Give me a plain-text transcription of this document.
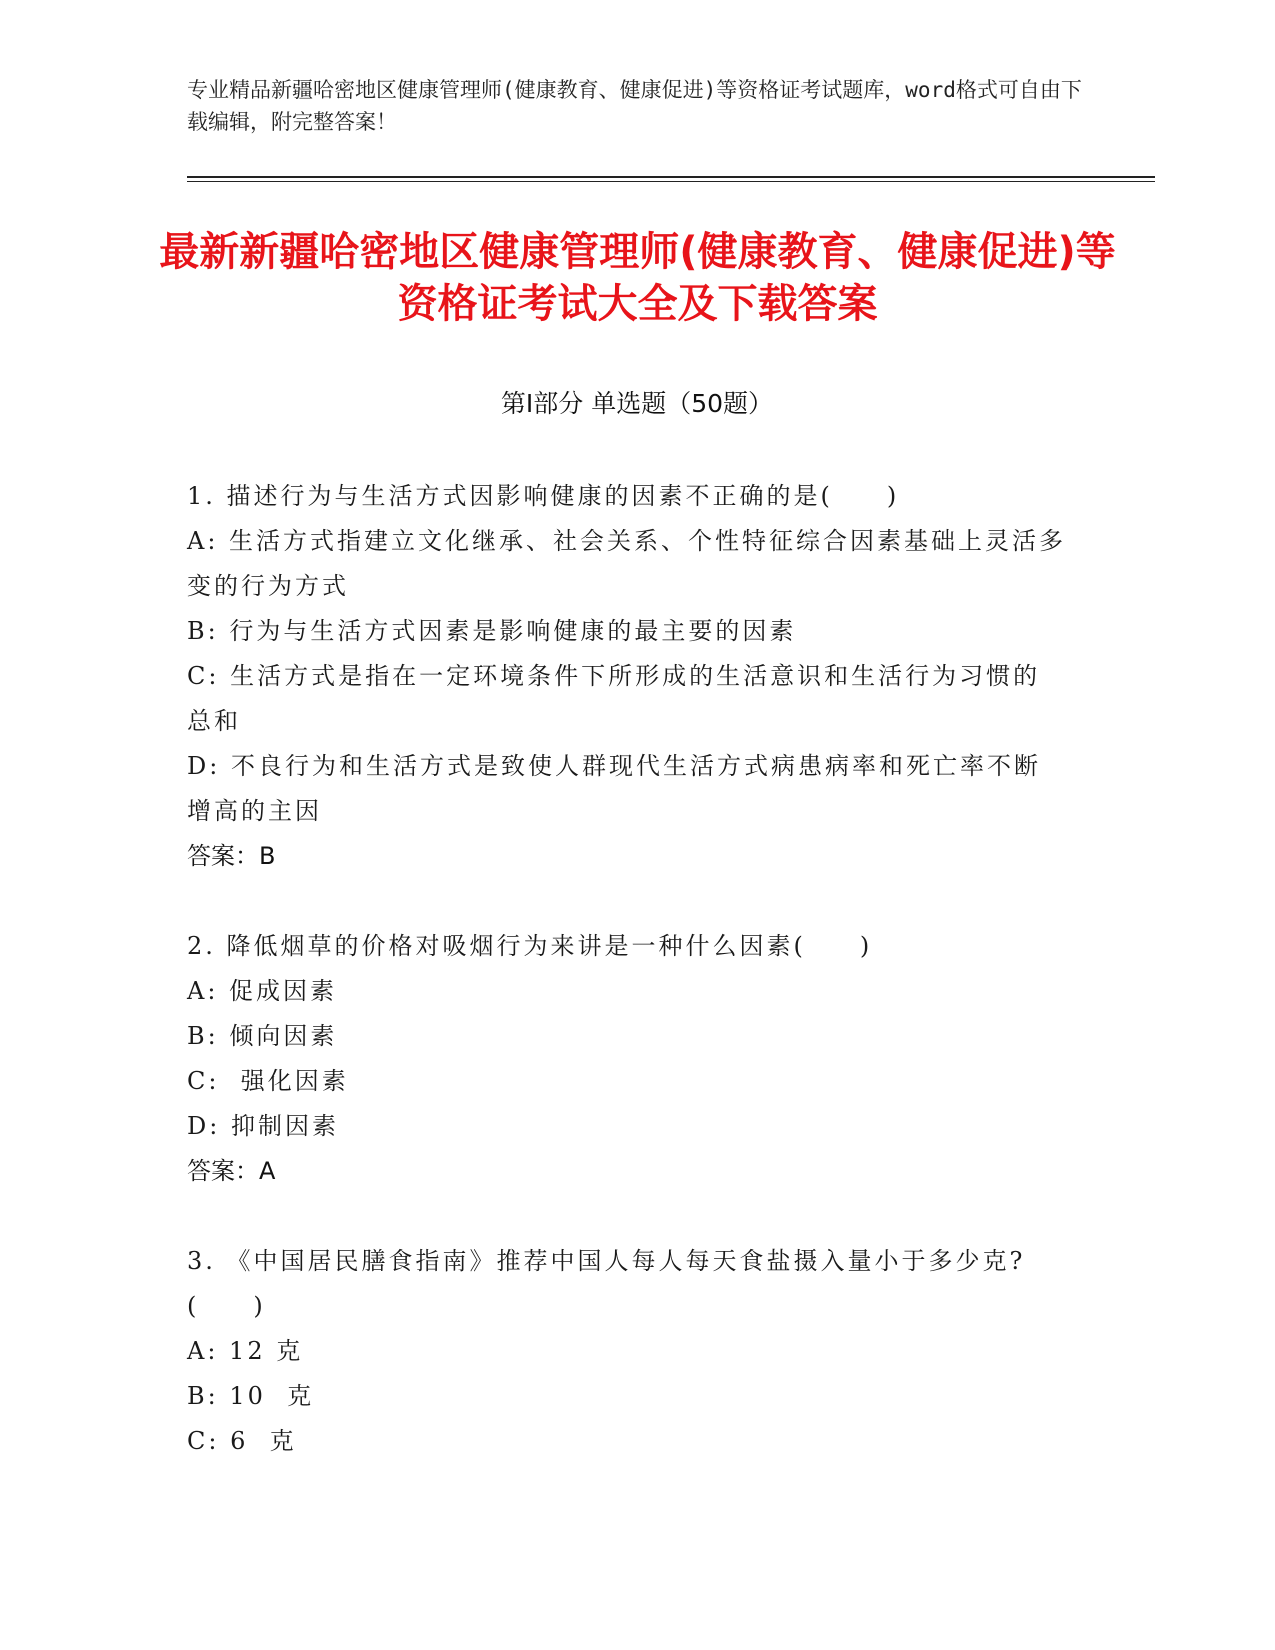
专业精品新疆哈密地区健康管理师(健康教育、健康促进)等资格证考试题库，word格式可自由下载编辑，附完整答案！
最新新疆哈密地区健康管理师(健康教育、健康促进)等资格证考试大全及下载答案
第Ⅰ部分 单选题（50题）

1. 描述行为与生活方式因影响健康的因素不正确的是(　　)

A: 生活方式指建立文化继承、社会关系、个性特征综合因素基础上灵活多变的行为方式

B: 行为与生活方式因素是影响健康的最主要的因素

C: 生活方式是指在一定环境条件下所形成的生活意识和生活行为习惯的总和

D: 不良行为和生活方式是致使人群现代生活方式病患病率和死亡率不断增高的主因

答案：B

2. 降低烟草的价格对吸烟行为来讲是一种什么因素(　　)

A: 促成因素

B: 倾向因素

C:  强化因素

D: 抑制因素

答案：A

3. 《中国居民膳食指南》推荐中国人每人每天食盐摄入量小于多少克?(　　)

A: 12 克

B: 10  克

C: 6  克
